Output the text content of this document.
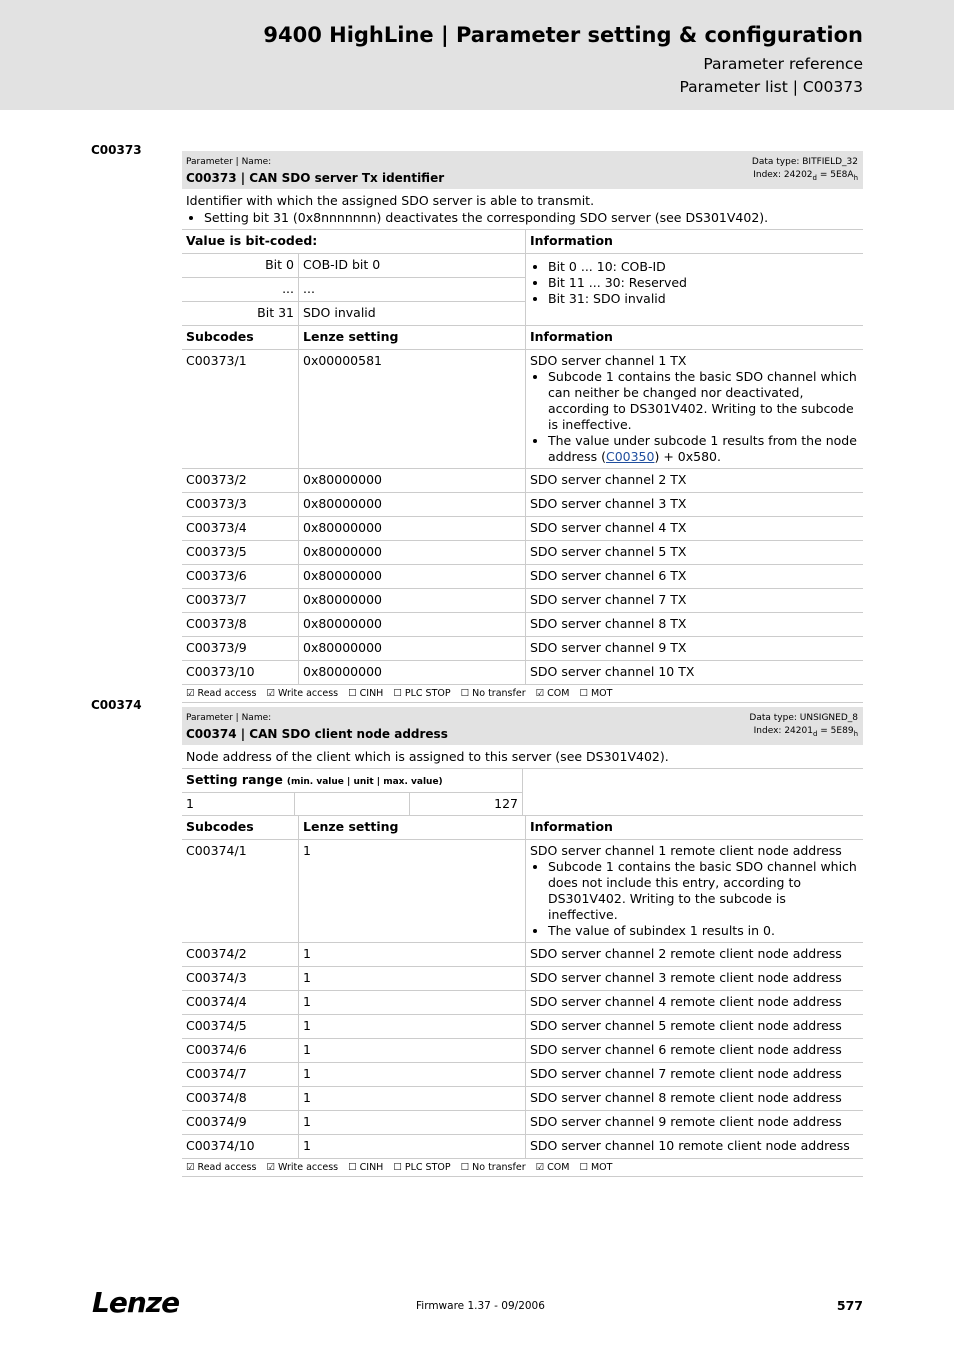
9400 HighLine | Parameter setting & configuration
Parameter reference
Parameter list | C00373
C00373
Parameter | Name:
C00373 | CAN SDO server Tx identifier
Data type: BITFIELD_32
Index: $24202_d = 5E8A_h$
Identifier with which the assigned SDO server is able to transmit.
• Setting bit 31 (0x8nnnnnnn) deactivates the corresponding SDO server (see DS301V402).
Value is bit-coded:	Information
Bit 0 COB-ID bit 0
... ...
Bit 31 SDO invalid
• Bit 0 ... 10: COB-ID
• Bit 11 ... 30: Reserved
• Bit 31: SDO invalid
Subcodes	Lenze setting	Information
C00373/1	0x00000581	SDO server channel 1 TX
• Subcode 1 contains the basic SDO channel which can neither be changed nor deactivated, according to DS301V402. Writing to the subcode is ineffective.
• The value under subcode 1 results from the node address (C00350) + 0x580.
C00373/2	0x80000000	SDO server channel 2 TX
C00373/3	0x80000000	SDO server channel 3 TX
C00373/4	0x80000000	SDO server channel 4 TX
C00373/5	0x80000000	SDO server channel 5 TX
C00373/6	0x80000000	SDO server channel 6 TX
C00373/7	0x80000000	SDO server channel 7 TX
C00373/8	0x80000000	SDO server channel 8 TX
C00373/9	0x80000000	SDO server channel 9 TX
C00373/10	0x80000000	SDO server channel 10 TX
☑ Read access ☑ Write access ☐ CINH ☐ PLC STOP ☐ No transfer ☑ COM ☐ MOT
C00374
Parameter | Name:
C00374 | CAN SDO client node address
Data type: UNSIGNED_8
Index: $24201_d = 5E89_h$
Node address of the client which is assigned to this server (see DS301V402).
Setting range (min. value | unit | max. value)
1	127
Subcodes	Lenze setting	Information
C00374/1	1	SDO server channel 1 remote client node address
• Subcode 1 contains the basic SDO channel which does not include this entry, according to DS301V402. Writing to the subcode is ineffective.
• The value of subindex 1 results in 0.
C00374/2	1	SDO server channel 2 remote client node address
C00374/3	1	SDO server channel 3 remote client node address
C00374/4	1	SDO server channel 4 remote client node address
C00374/5	1	SDO server channel 5 remote client node address
C00374/6	1	SDO server channel 6 remote client node address
C00374/7	1	SDO server channel 7 remote client node address
C00374/8	1	SDO server channel 8 remote client node address
C00374/9	1	SDO server channel 9 remote client node address
C00374/10	1	SDO server channel 10 remote client node address
☑ Read access ☑ Write access ☐ CINH ☐ PLC STOP ☐ No transfer ☑ COM ☐ MOT
Lenze	Firmware 1.37 - 09/2006	577
